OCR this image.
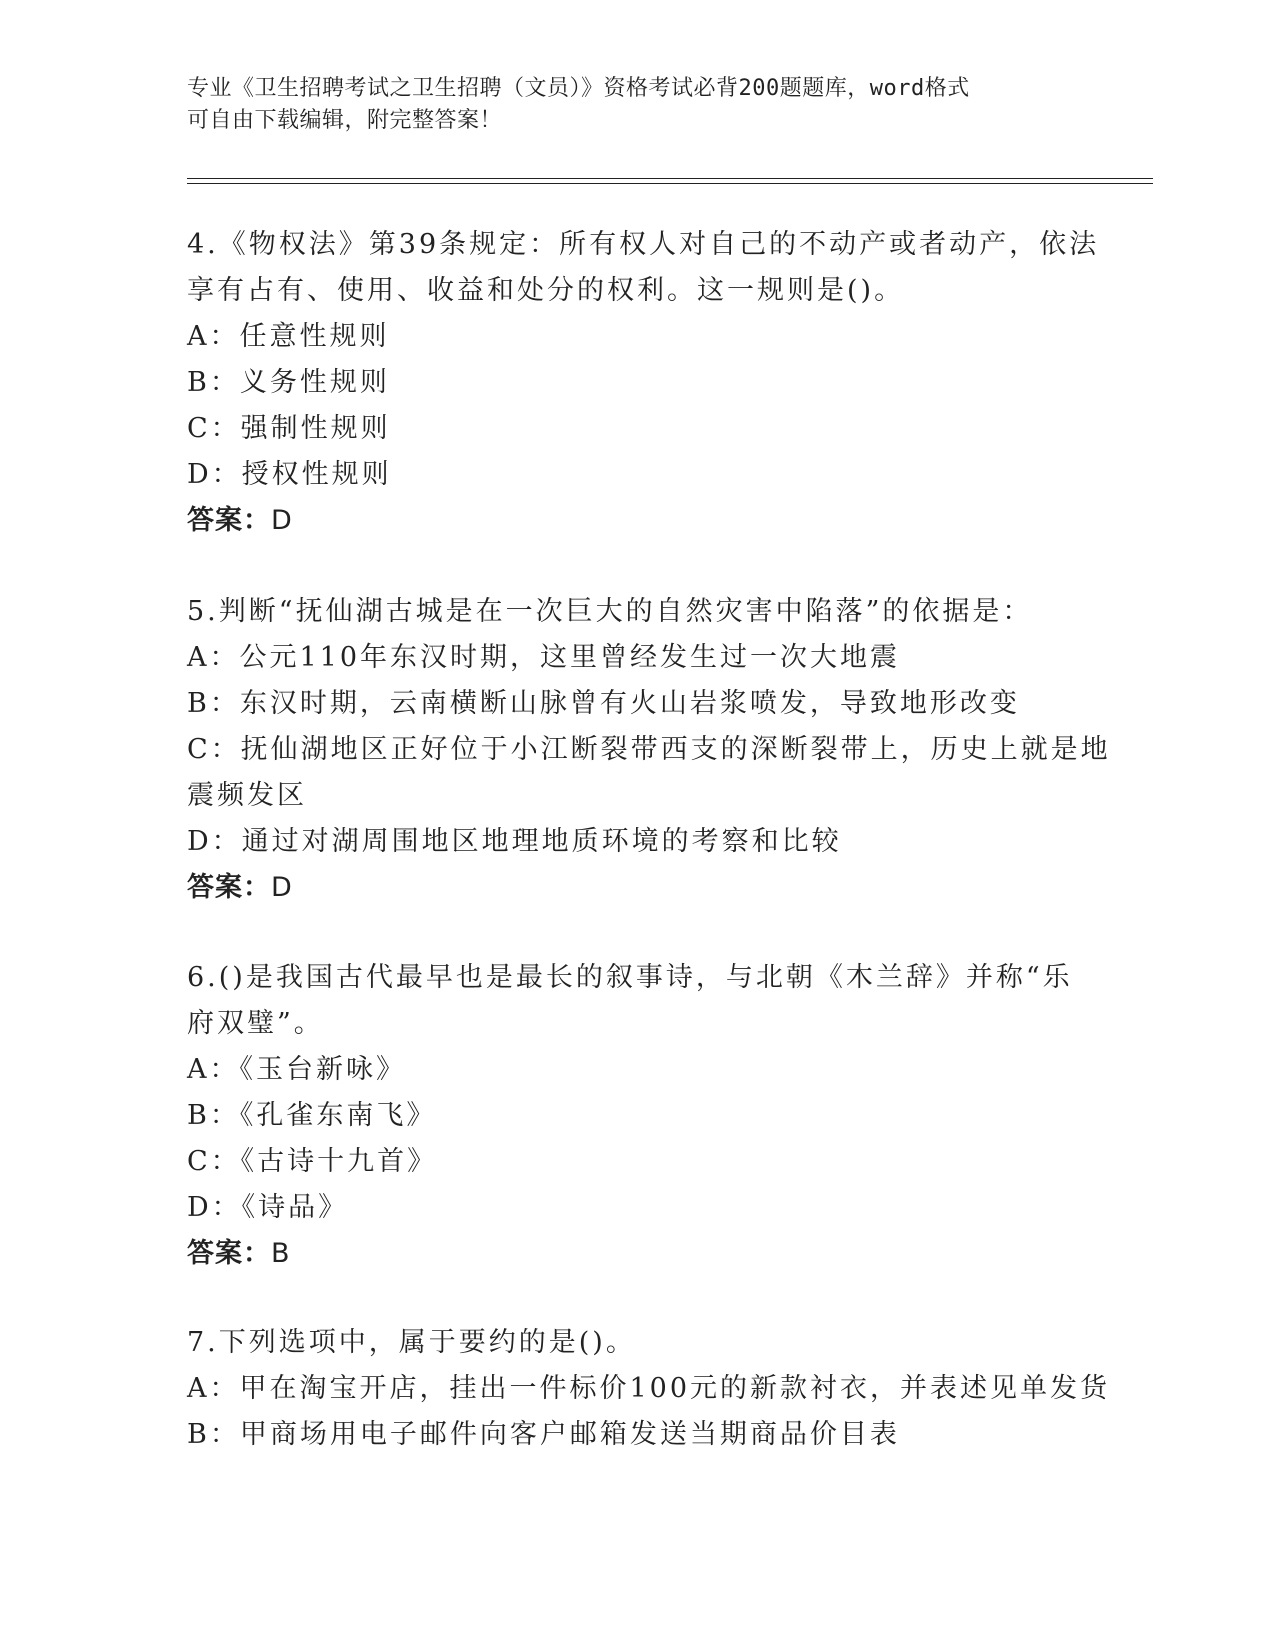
专业《卫生招聘考试之卫生招聘（文员）》资格考试必背200题题库，word格式
可自由下载编辑，附完整答案！
4.《物权法》第39条规定：所有权人对自己的不动产或者动产，依法
享有占有、使用、收益和处分的权利。这一规则是()。
A：任意性规则
B：义务性规则
C：强制性规则
D：授权性规则
答案：D
5.判断“抚仙湖古城是在一次巨大的自然灾害中陷落”的依据是：
A：公元110年东汉时期，这里曾经发生过一次大地震
B：东汉时期，云南横断山脉曾有火山岩浆喷发，导致地形改变
C：抚仙湖地区正好位于小江断裂带西支的深断裂带上，历史上就是地
震频发区
D：通过对湖周围地区地理地质环境的考察和比较
答案：D
6.()是我国古代最早也是最长的叙事诗，与北朝《木兰辞》并称“乐
府双璧”。
A：《玉台新咏》
B：《孔雀东南飞》
C：《古诗十九首》
D：《诗品》
答案：B
7.下列选项中，属于要约的是()。
A：甲在淘宝开店，挂出一件标价100元的新款衬衣，并表述见单发货
B：甲商场用电子邮件向客户邮箱发送当期商品价目表
